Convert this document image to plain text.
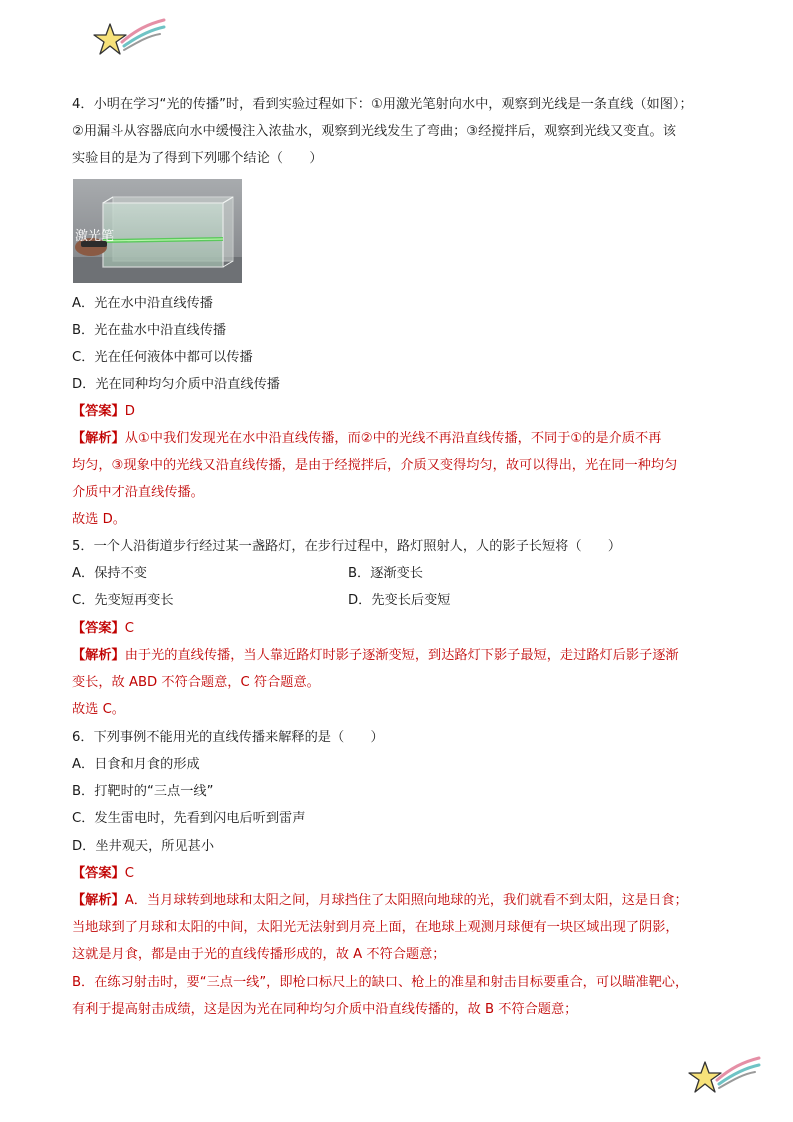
4．小明在学习“光的传播”时，看到实验过程如下：①用激光笔射向水中，观察到光线是一条直线（如图）；
②用漏斗从容器底向水中缓慢注入浓盐水，观察到光线发生了弯曲；③经搅拌后，观察到光线又变直。该
实验目的是为了得到下列哪个结论（　　）
激光笔
A．光在水中沿直线传播
B．光在盐水中沿直线传播
C．光在任何液体中都可以传播
D．光在同种均匀介质中沿直线传播
【答案】D
【解析】从①中我们发现光在水中沿直线传播，而②中的光线不再沿直线传播，不同于①的是介质不再
均匀，③现象中的光线又沿直线传播，是由于经搅拌后，介质又变得均匀，故可以得出，光在同一种均匀
介质中才沿直线传播。
故选 D。
5．一个人沿街道步行经过某一盏路灯，在步行过程中，路灯照射人，人的影子长短将（　　）
A．保持不变	B．逐渐变长
C．先变短再变长	D．先变长后变短
【答案】C
【解析】由于光的直线传播，当人靠近路灯时影子逐渐变短，到达路灯下影子最短，走过路灯后影子逐渐
变长，故 ABD 不符合题意，C 符合题意。
故选 C。
6．下列事例不能用光的直线传播来解释的是（　　）
A．日食和月食的形成
B．打靶时的“三点一线”
C．发生雷电时，先看到闪电后听到雷声
D．坐井观天，所见甚小
【答案】C
【解析】A．当月球转到地球和太阳之间，月球挡住了太阳照向地球的光，我们就看不到太阳，这是日食；
当地球到了月球和太阳的中间，太阳光无法射到月亮上面，在地球上观测月球便有一块区域出现了阴影，
这就是月食，都是由于光的直线传播形成的，故 A 不符合题意；
B．在练习射击时，要“三点一线”，即枪口标尺上的缺口、枪上的准星和射击目标要重合，可以瞄准靶心，
有利于提高射击成绩，这是因为光在同种均匀介质中沿直线传播的，故 B 不符合题意；
